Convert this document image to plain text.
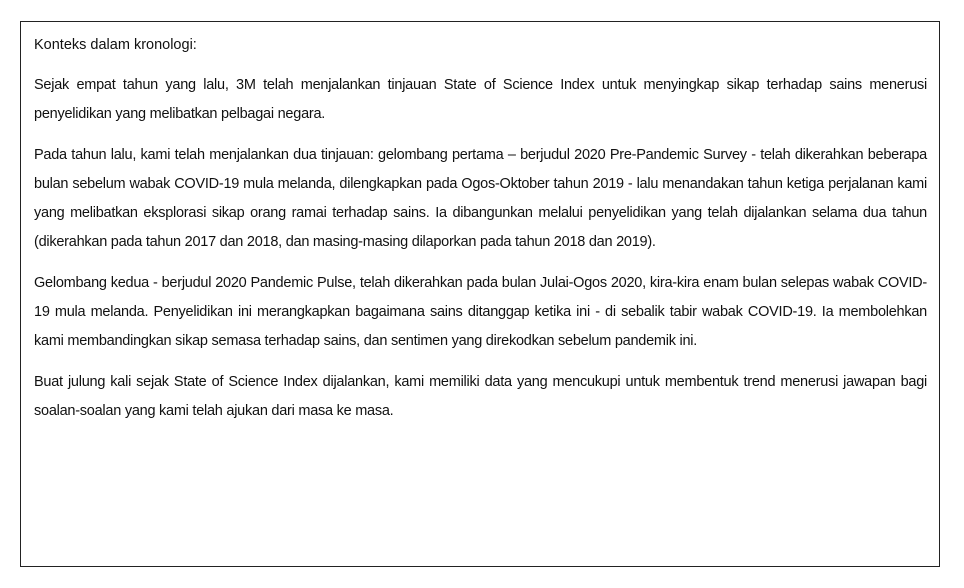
Konteks dalam kronologi:

Sejak empat tahun yang lalu, 3M telah menjalankan tinjauan State of Science Index untuk menyingkap sikap terhadap sains menerusi penyelidikan yang melibatkan pelbagai negara.

Pada tahun lalu, kami telah menjalankan dua tinjauan: gelombang pertama – berjudul 2020 Pre-Pandemic Survey - telah dikerahkan beberapa bulan sebelum wabak COVID-19 mula melanda, dilengkapkan pada Ogos-Oktober tahun 2019 - lalu menandakan tahun ketiga perjalanan kami yang melibatkan eksplorasi sikap orang ramai terhadap sains. Ia dibangunkan melalui penyelidikan yang telah dijalankan selama dua tahun (dikerahkan pada tahun 2017 dan 2018, dan masing-masing dilaporkan pada tahun 2018 dan 2019).

Gelombang kedua - berjudul 2020 Pandemic Pulse, telah dikerahkan pada bulan Julai-Ogos 2020, kira-kira enam bulan selepas wabak COVID-19 mula melanda. Penyelidikan ini merangkapkan bagaimana sains ditanggap ketika ini - di sebalik tabir wabak COVID-19. Ia membolehkan kami membandingkan sikap semasa terhadap sains, dan sentimen yang direkodkan sebelum pandemik ini.

Buat julung kali sejak State of Science Index dijalankan, kami memiliki data yang mencukupi untuk membentuk trend menerusi jawapan bagi soalan-soalan yang kami telah ajukan dari masa ke masa.
